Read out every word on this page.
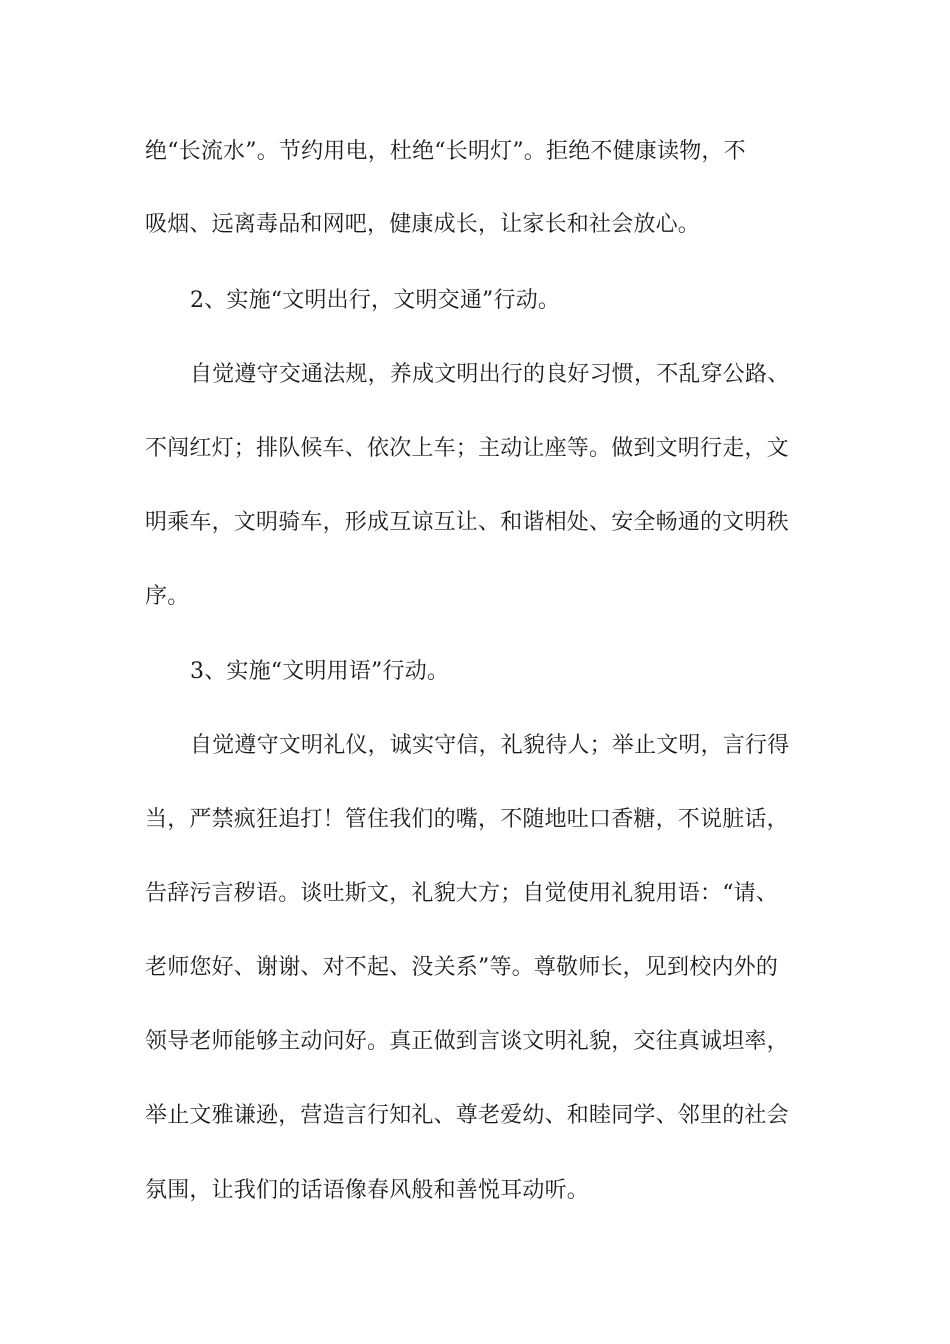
绝“长流水”。节约用电，杜绝“长明灯”。拒绝不健康读物，不
吸烟、远离毒品和网吧，健康成长，让家长和社会放心。
2、实施“文明出行，文明交通”行动。
自觉遵守交通法规，养成文明出行的良好习惯，不乱穿公路、
不闯红灯；排队候车、依次上车；主动让座等。做到文明行走，文
明乘车，文明骑车，形成互谅互让、和谐相处、安全畅通的文明秩
序。
3、实施“文明用语”行动。
自觉遵守文明礼仪，诚实守信，礼貌待人；举止文明，言行得
当，严禁疯狂追打！管住我们的嘴，不随地吐口香糖，不说脏话，
告辞污言秽语。谈吐斯文，礼貌大方；自觉使用礼貌用语：“请、
老师您好、谢谢、对不起、没关系”等。尊敬师长，见到校内外的
领导老师能够主动问好。真正做到言谈文明礼貌，交往真诚坦率，
举止文雅谦逊，营造言行知礼、尊老爱幼、和睦同学、邻里的社会
氛围，让我们的话语像春风般和善悦耳动听。
